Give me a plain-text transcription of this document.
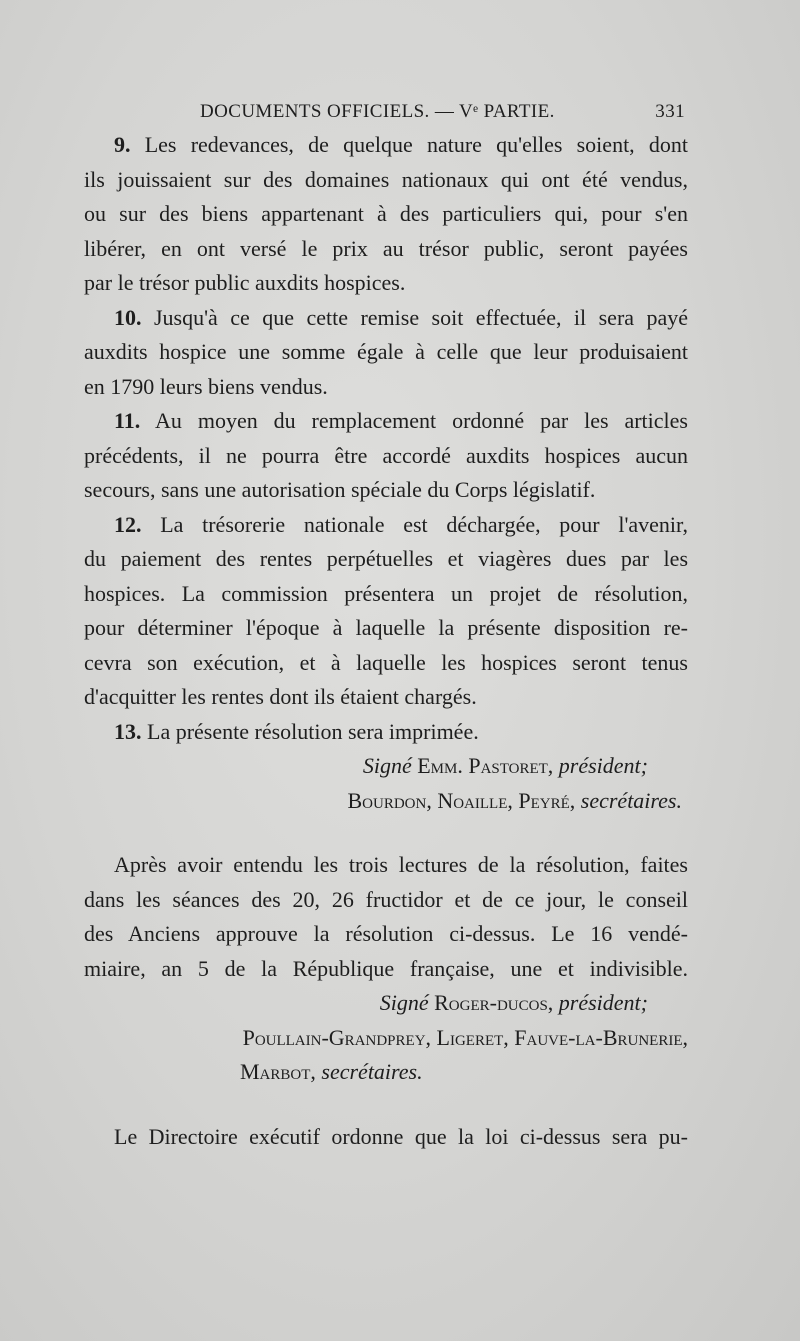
DOCUMENTS OFFICIELS. — Vᵉ PARTIE.	331
9. Les redevances, de quelque nature qu'elles soient, dont
ils jouissaient sur des domaines nationaux qui ont été vendus,
ou sur des biens appartenant à des particuliers qui, pour s'en
libérer, en ont versé le prix au trésor public, seront payées
par le trésor public auxdits hospices.
10. Jusqu'à ce que cette remise soit effectuée, il sera payé
auxdits hospice une somme égale à celle que leur produisaient
en 1790 leurs biens vendus.
11. Au moyen du remplacement ordonné par les articles
précédents, il ne pourra être accordé auxdits hospices aucun
secours, sans une autorisation spéciale du Corps législatif.
12. La trésorerie nationale est déchargée, pour l'avenir,
du paiement des rentes perpétuelles et viagères dues par les
hospices. La commission présentera un projet de résolution,
pour déterminer l'époque à laquelle la présente disposition re-
cevra son exécution, et à laquelle les hospices seront tenus
d'acquitter les rentes dont ils étaient chargés.
13. La présente résolution sera imprimée.
Signé Emm. Pastoret, président;
Bourdon, Noaille, Peyré, secrétaires.
Après avoir entendu les trois lectures de la résolution, faites
dans les séances des 20, 26 fructidor et de ce jour, le conseil
des Anciens approuve la résolution ci-dessus. Le 16 vendé-
miaire, an 5 de la République française, une et indivisible.
Signé Roger-ducos, président;
Poullain-Grandprey, Ligeret, Fauve-la-Brunerie,
Marbot, secrétaires.
Le Directoire exécutif ordonne que la loi ci-dessus sera pu-
